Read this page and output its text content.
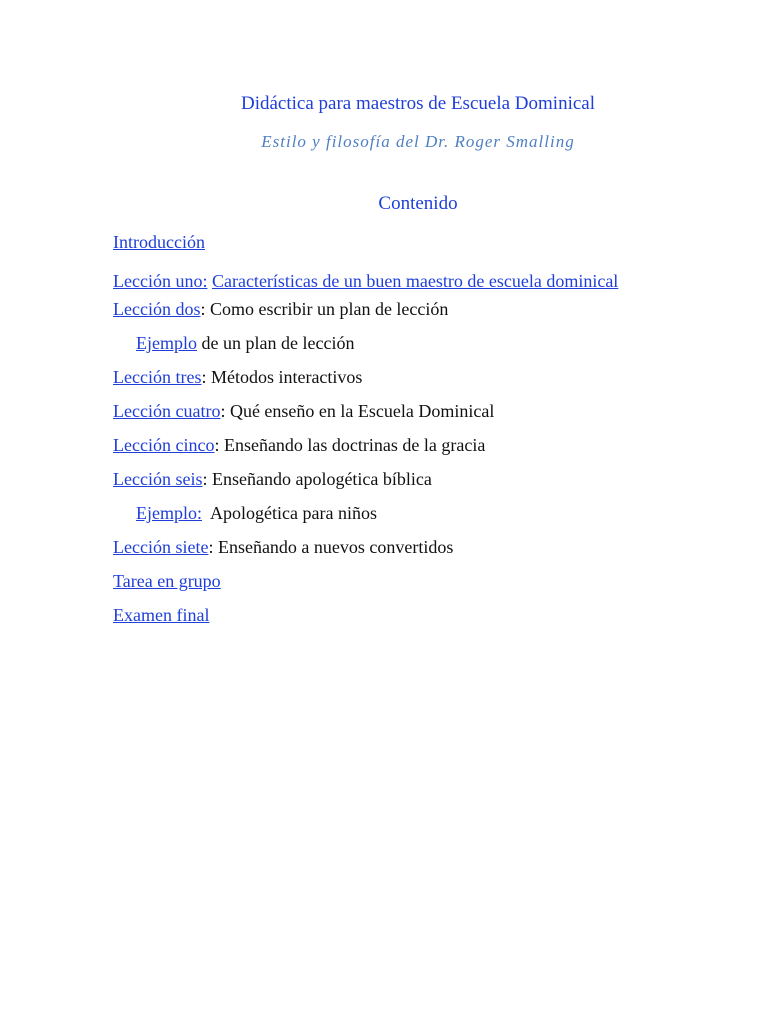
Didáctica para maestros de Escuela Dominical
Estilo y filosofía del Dr. Roger Smalling
Contenido
Introducción
Lección uno: Características de un buen maestro de escuela dominical
Lección dos: Como escribir un plan de lección
Ejemplo de un plan de lección
Lección tres: Métodos interactivos
Lección cuatro: Qué enseño en la Escuela Dominical
Lección cinco: Enseñando las doctrinas de la gracia
Lección seis: Enseñando apologética bíblica
Ejemplo:  Apologética para niños
Lección siete: Enseñando a nuevos convertidos
Tarea en grupo
Examen final
